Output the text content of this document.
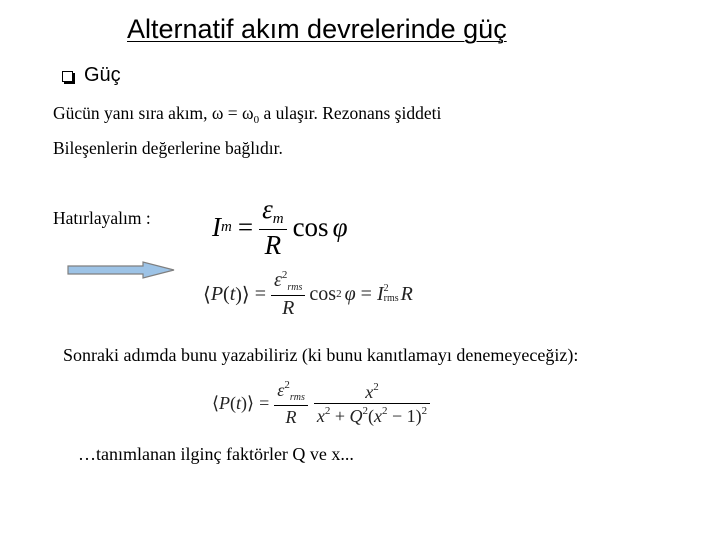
Alternatif akım devrelerinde güç
Güç
Gücün yanı sıra akım, $\omega = \omega_0$ a ulaşır. Rezonans şiddeti
Bileşenlerin değerlerine bağlıdır.
Hatırlayalım : I $m = \frac{\varepsilon_m}{R}$ cos φ
⟨ P ( t )⟩ = $\frac{\varepsilon^2_{rms}}{R}$ cos 2 φ = I 2
rms R
Sonraki adımda bunu yazabiliriz (ki bunu kanıtlamayı denemeyeceğiz):
⟨ P ( t )⟩ = $\frac{\varepsilon^2_{rms}}{R} \frac{x^2}{x^2 + Q^2(x^2 - 1)^2}$
…tanımlanan ilginç faktörler Q ve x...
